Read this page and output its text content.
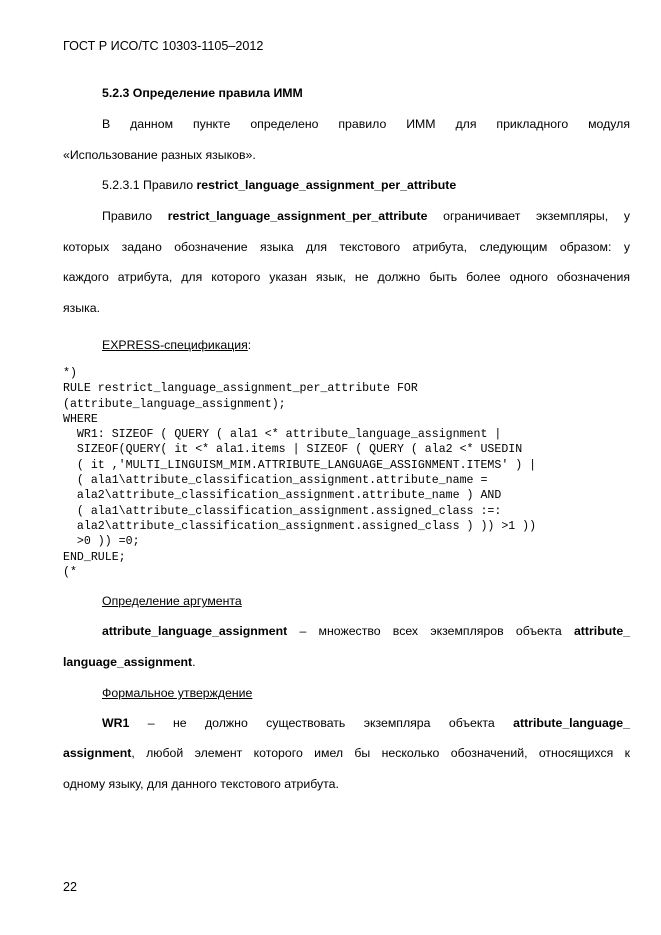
ГОСТ Р ИСО/ТС 10303-1105–2012
5.2.3 Определение правила ИММ
В данном пункте определено правило ИММ для прикладного модуля
«Использование разных языков».
5.2.3.1 Правило restrict_language_assignment_per_attribute
Правило restrict_language_assignment_per_attribute ограничивает экземпляры, у
которых задано обозначение языка для текстового атрибута, следующим образом: у
каждого атрибута, для которого указан язык, не должно быть более одного обозначения
языка.
EXPRESS-спецификация:
*)
RULE restrict_language_assignment_per_attribute FOR
(attribute_language_assignment);
WHERE
WR1: SIZEOF ( QUERY ( ala1 <* attribute_language_assignment |
SIZEOF(QUERY( it <* ala1.items | SIZEOF ( QUERY ( ala2 <* USEDIN
( it ,'MULTI_LINGUISM_MIM.ATTRIBUTE_LANGUAGE_ASSIGNMENT.ITEMS' ) |
( ala1\attribute_classification_assignment.attribute_name =
ala2\attribute_classification_assignment.attribute_name ) AND
( ala1\attribute_classification_assignment.assigned_class :=:
ala2\attribute_classification_assignment.assigned_class ) )) >1 ))
>0 )) =0;
END_RULE;
(*
Определение аргумента
attribute_language_assignment – множество всех экземпляров объекта attribute_
language_assignment.
Формальное утверждение
WR1 – не должно существовать экземпляра объекта attribute_language_
assignment, любой элемент которого имел бы несколько обозначений, относящихся к
одному языку, для данного текстового атрибута.
22
